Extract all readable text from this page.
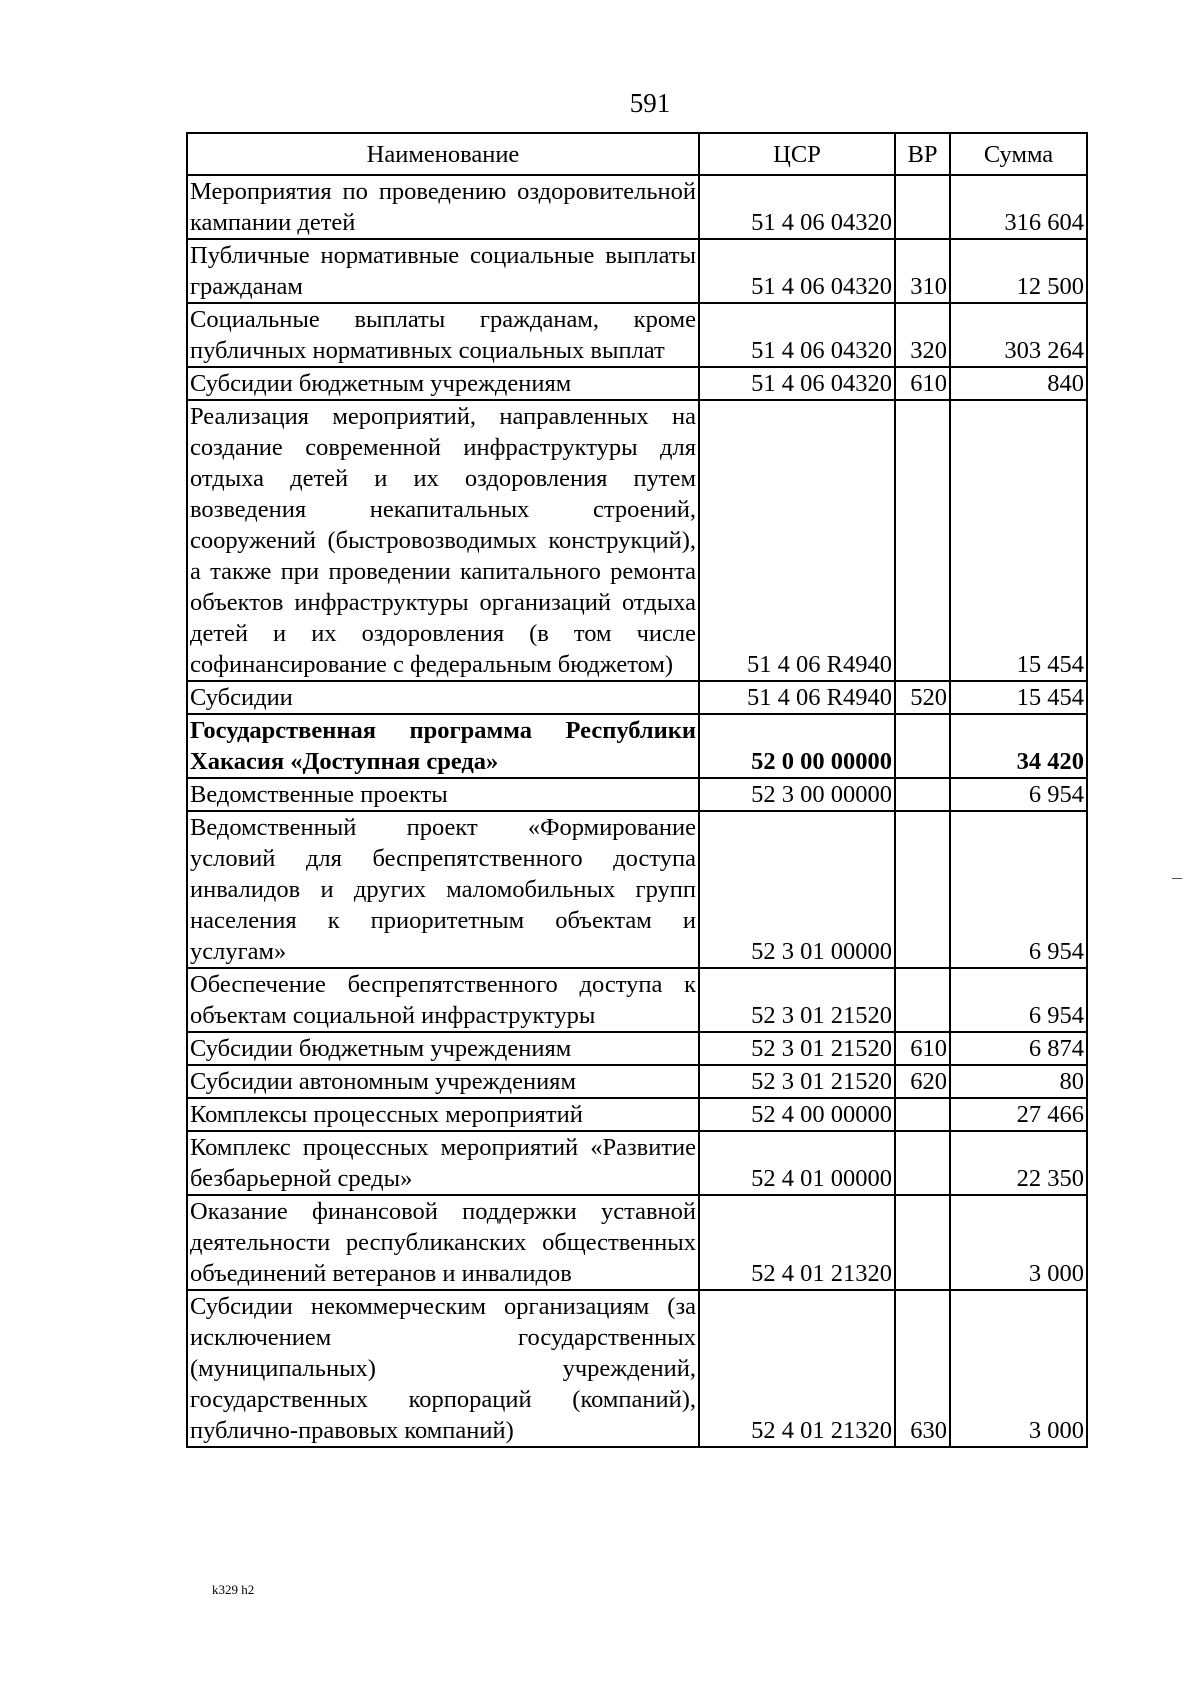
591
Наименование	ЦСР	ВР	Сумма
Мероприятия по проведению оздоровительной кампании детей	51 4 06 04320		316 604
Публичные нормативные социальные выплаты гражданам	51 4 06 04320	310	12 500
Социальные выплаты гражданам, кроме публичных нормативных социальных выплат	51 4 06 04320	320	303 264
Субсидии бюджетным учреждениям	51 4 06 04320	610	840
Реализация мероприятий, направленных на создание современной инфраструктуры для отдыха детей и их оздоровления путем возведения некапитальных строений, сооружений (быстровозводимых конструкций), а также при проведении капитального ремонта объектов инфраструктуры организаций отдыха детей и их оздоровления (в том числе софинансирование с федеральным бюджетом)	51 4 06 R4940		15 454
Субсидии	51 4 06 R4940	520	15 454
Государственная программа Республики Хакасия «Доступная среда»	52 0 00 00000		34 420
Ведомственные проекты	52 3 00 00000		6 954
Ведомственный проект «Формирование условий для беспрепятственного доступа инвалидов и других маломобильных групп населения к приоритетным объектам и услугам»	52 3 01 00000		6 954
Обеспечение беспрепятственного доступа к объектам социальной инфраструктуры	52 3 01 21520		6 954
Субсидии бюджетным учреждениям	52 3 01 21520	610	6 874
Субсидии автономным учреждениям	52 3 01 21520	620	80
Комплексы процессных мероприятий	52 4 00 00000		27 466
Комплекс процессных мероприятий «Развитие безбарьерной среды»	52 4 01 00000		22 350
Оказание финансовой поддержки уставной деятельности республиканских общественных объединений ветеранов и инвалидов	52 4 01 21320		3 000
Субсидии некоммерческим организациям (за исключением государственных (муниципальных) учреждений, государственных корпораций (компаний), публично-правовых компаний)	52 4 01 21320	630	3 000
k329 h2
